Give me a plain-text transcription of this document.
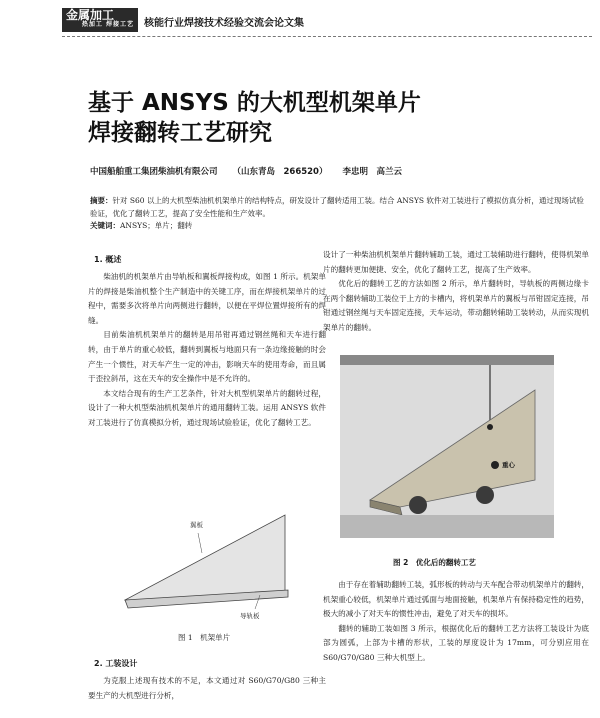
金属加工
热加工 焊接工艺 核能行业焊接技术经验交流会论文集
基于 ANSYS 的大机型机架单片
焊接翻转工艺研究
中国船舶重工集团柴油机有限公司 （山东青岛　266520） 李忠明　高兰云
摘要：针对 S60 以上的大机型柴油机机架单片的结构特点，研发设计了翻转适用工装。结合 ANSYS 软件对工装进行了模拟仿真分析，通过现场试验验证，优化了翻转工艺，提高了安全性能和生产效率。
关键词：ANSYS；单片；翻转
1. 概述

柴油机的机架单片由导轨板和翼板焊接构成，如图 1 所示。机架单片的焊接是柴油机整个生产制造中的关键工序，而在焊接机架单片的过程中，需要多次将单片向两侧进行翻转，以便在平焊位置焊接所有的焊缝。

目前柴油机机架单片的翻转是用吊钳再通过钢丝绳和天车进行翻转，由于单片的重心较低，翻转到翼板与地面只有一条边缘接触的时会产生一个惯性，对天车产生一定的冲击，影响天车的使用寿命，而且属于歪拉斜吊，这在天车的安全操作中是不允许的。

本文结合现有的生产工艺条件，针对大机型机架单片的翻转过程，设计了一种大机型柴油机机架单片的通用翻转工装。运用 ANSYS 软件对工装进行了仿真模拟分析，通过现场试验验证，优化了翻转工艺。

翼板
导轨板
图 1　机架单片
2. 工装设计

为克服上述现有技术的不足，本文通过对 S60/G70/G80 三种主要生产的大机型进行分析，

设计了一种柴油机机架单片翻转辅助工装，通过工装辅助进行翻转，使得机架单片的翻转更加便捷、安全，优化了翻转工艺，提高了生产效率。

优化后的翻转工艺的方法如图 2 所示，单片翻转时，导轨板的两侧边缘卡在两个翻转辅助工装位于上方的卡槽内，将机架单片的翼板与吊钳固定连接，吊钳通过钢丝绳与天车固定连接，天车运动，带动翻转辅助工装转动，从而实现机架单片的翻转。

重心
图 2　优化后的翻转工艺

由于存在着辅助翻转工装，弧形板的转动与天车配合带动机架单片的翻转，机架重心较低，机架单片通过弧面与地面接触，机架单片有保持稳定性的趋势，极大的减小了对天车的惯性冲击，避免了对天车的损坏。

翻转的辅助工装如图 3 所示，根据优化后的翻转工艺方法将工装设计为底部为圆弧，上部为卡槽的形状，工装的厚度设计为 17mm，可分别应用在 S60/G70/G80 三种大机型上。
